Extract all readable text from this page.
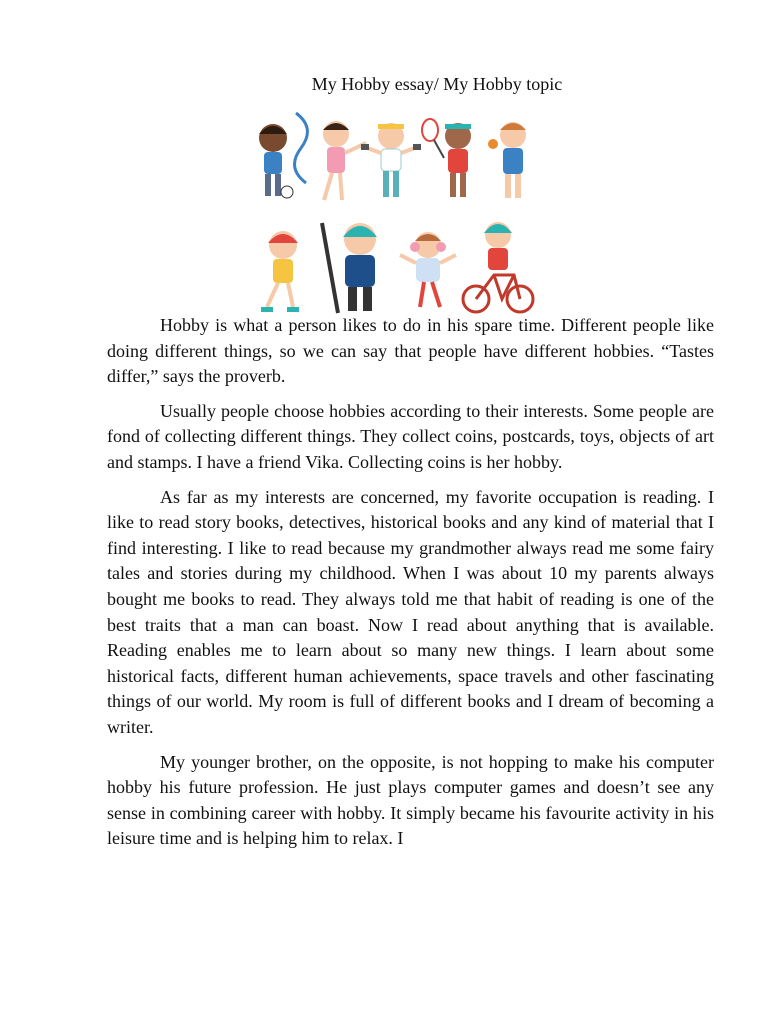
My Hobby essay/ My Hobby topic

Hobby is what a person likes to do in his spare time. Different people like doing different things, so we can say that people have different hobbies. “Tastes differ,” says the proverb.

Usually people choose hobbies according to their interests. Some people are fond of collecting different things. They collect coins, postcards, toys, objects of art and stamps. I have a friend Vika. Collecting coins is her hobby.

As far as my interests are concerned, my favorite occupation is reading. I like to read story books, detectives, historical books and any kind of material that I find interesting. I like to read because my grandmother always read me some fairy tales and stories during my childhood. When I was about 10 my parents always bought me books to read. They always told me that habit of reading is one of the best traits that a man can boast. Now I read about anything that is available. Reading enables me to learn about so many new things. I learn about some historical facts, different human achievements, space travels and other fascinating things of our world. My room is full of different books and I dream of becoming a writer.

My younger brother, on the opposite, is not hopping to make his computer hobby his future profession. He just plays computer games and doesn’t see any sense in combining career with hobby. It simply became his favourite activity in his leisure time and is helping him to relax. I
